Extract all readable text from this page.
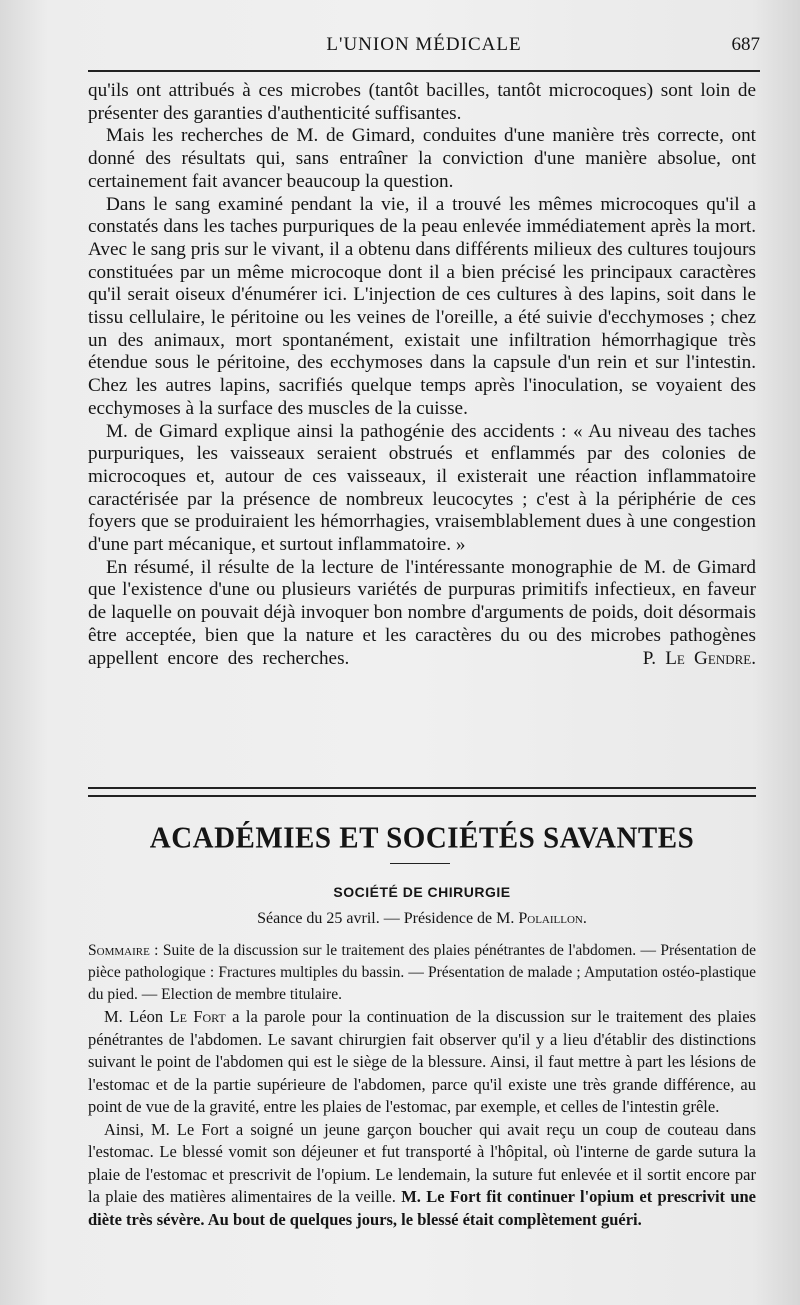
L'UNION MÉDICALE	687

qu'ils ont attribués à ces microbes (tantôt bacilles, tantôt microcoques) sont loin de présenter des garanties d'authenticité suffisantes.

Mais les recherches de M. de Gimard, conduites d'une manière très correcte, ont donné des résultats qui, sans entraîner la conviction d'une manière absolue, ont certainement fait avancer beaucoup la question.

Dans le sang examiné pendant la vie, il a trouvé les mêmes microcoques qu'il a constatés dans les taches purpuriques de la peau enlevée immédiatement après la mort. Avec le sang pris sur le vivant, il a obtenu dans différents milieux des cultures toujours constituées par un même microcoque dont il a bien précisé les principaux caractères qu'il serait oiseux d'énumérer ici. L'injection de ces cultures à des lapins, soit dans le tissu cellulaire, le péritoine ou les veines de l'oreille, a été suivie d'ecchymoses ; chez un des animaux, mort spontanément, existait une infiltration hémorrhagique très étendue sous le péritoine, des ecchymoses dans la capsule d'un rein et sur l'intestin. Chez les autres lapins, sacrifiés quelque temps après l'inoculation, se voyaient des ecchymoses à la surface des muscles de la cuisse.

M. de Gimard explique ainsi la pathogénie des accidents : « Au niveau des taches purpuriques, les vaisseaux seraient obstrués et enflammés par des colonies de microcoques et, autour de ces vaisseaux, il existerait une réaction inflammatoire caractérisée par la présence de nombreux leucocytes ; c'est à la périphérie de ces foyers que se produiraient les hémorrhagies, vraisemblablement dues à une congestion d'une part mécanique, et surtout inflammatoire. »

En résumé, il résulte de la lecture de l'intéressante monographie de M. de Gimard que l'existence d'une ou plusieurs variétés de purpuras primitifs infectieux, en faveur de laquelle on pouvait déjà invoquer bon nombre d'arguments de poids, doit désormais être acceptée, bien que la nature et les caractères du ou des microbes pathogènes appellent encore des recherches.	P. Le Gendre.

ACADÉMIES ET SOCIÉTÉS SAVANTES
SOCIÉTÉ DE CHIRURGIE
Séance du 25 avril. — Présidence de M. Polaillon.
Sommaire : Suite de la discussion sur le traitement des plaies pénétrantes de l'abdomen. — Présentation de pièce pathologique : Fractures multiples du bassin. — Présentation de malade ; Amputation ostéo-plastique du pied. — Election de membre titulaire.

M. Léon Le Fort a la parole pour la continuation de la discussion sur le traitement des plaies pénétrantes de l'abdomen. Le savant chirurgien fait observer qu'il y a lieu d'établir des distinctions suivant le point de l'abdomen qui est le siège de la blessure. Ainsi, il faut mettre à part les lésions de l'estomac et de la partie supérieure de l'abdomen, parce qu'il existe une très grande différence, au point de vue de la gravité, entre les plaies de l'estomac, par exemple, et celles de l'intestin grêle.

Ainsi, M. Le Fort a soigné un jeune garçon boucher qui avait reçu un coup de couteau dans l'estomac. Le blessé vomit son déjeuner et fut transporté à l'hôpital, où l'interne de garde sutura la plaie de l'estomac et prescrivit de l'opium. Le lendemain, la suture fut enlevée et il sortit encore par la plaie des matières alimentaires de la veille. M. Le Fort fit continuer l'opium et prescrivit une diète très sévère. Au bout de quelques jours, le blessé était complètement guéri.
